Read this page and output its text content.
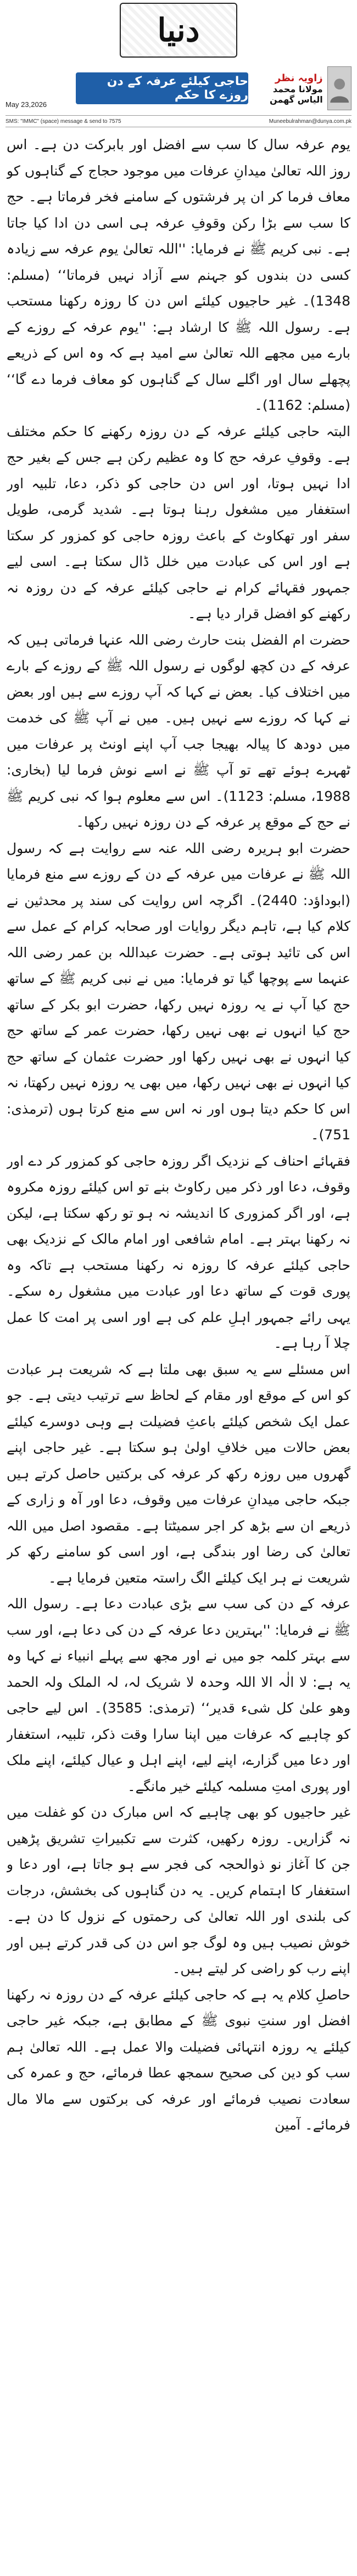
دنیا
May 23,2026
حاجی کیلئے عرفہ کے دن روزے کا حکم
زاویہ نظر
مولانا محمد الیاس گھمن
SMS: "IMMC" (space) message & send to 7575	Muneebulrahman@dunya.com.pk

یوم عرفہ سال کا سب سے افضل اور بابرکت دن ہے۔ اس روز اللہ تعالیٰ میدانِ عرفات میں موجود حجاج کے گناہوں کو معاف فرما کر ان پر فرشتوں کے سامنے فخر فرماتا ہے۔ حج کا سب سے بڑا رکن وقوفِ عرفہ ہی اسی دن ادا کیا جاتا ہے۔ نبی کریم ﷺ نے فرمایا: ''اللہ تعالیٰ یوم عرفہ سے زیادہ کسی دن بندوں کو جہنم سے آزاد نہیں فرماتا‘‘ (مسلم: 1348)۔ غیر حاجیوں کیلئے اس دن کا روزہ رکھنا مستحب ہے۔ رسول اللہ ﷺ کا ارشاد ہے: ''یوم عرفہ کے روزے کے بارے میں مجھے اللہ تعالیٰ سے امید ہے کہ وہ اس کے ذریعے پچھلے سال اور اگلے سال کے گناہوں کو معاف فرما دے گا‘‘ (مسلم: 1162)۔

البتہ حاجی کیلئے عرفہ کے دن روزہ رکھنے کا حکم مختلف ہے۔ وقوفِ عرفہ حج کا وہ عظیم رکن ہے جس کے بغیر حج ادا نہیں ہوتا، اور اس دن حاجی کو ذکر، دعا، تلبیہ اور استغفار میں مشغول رہنا ہوتا ہے۔ شدید گرمی، طویل سفر اور تھکاوٹ کے باعث روزہ حاجی کو کمزور کر سکتا ہے اور اس کی عبادت میں خلل ڈال سکتا ہے۔ اسی لیے جمہور فقہائے کرام نے حاجی کیلئے عرفہ کے دن روزہ نہ رکھنے کو افضل قرار دیا ہے۔

حضرت ام الفضل بنت حارث رضی اللہ عنہا فرماتی ہیں کہ عرفہ کے دن کچھ لوگوں نے رسول اللہ ﷺ کے روزے کے بارے میں اختلاف کیا۔ بعض نے کہا کہ آپ روزے سے ہیں اور بعض نے کہا کہ روزے سے نہیں ہیں۔ میں نے آپ ﷺ کی خدمت میں دودھ کا پیالہ بھیجا جب آپ اپنے اونٹ پر عرفات میں ٹھہرے ہوئے تھے تو آپ ﷺ نے اسے نوش فرما لیا (بخاری: 1988، مسلم: 1123)۔ اس سے معلوم ہوا کہ نبی کریم ﷺ نے حج کے موقع پر عرفہ کے دن روزہ نہیں رکھا۔

حضرت ابو ہریرہ رضی اللہ عنہ سے روایت ہے کہ رسول اللہ ﷺ نے عرفات میں عرفہ کے دن کے روزے سے منع فرمایا (ابوداؤد: 2440)۔ اگرچہ اس روایت کی سند پر محدثین نے کلام کیا ہے، تاہم دیگر روایات اور صحابہ کرام کے عمل سے اس کی تائید ہوتی ہے۔ حضرت عبداللہ بن عمر رضی اللہ عنہما سے پوچھا گیا تو فرمایا: میں نے نبی کریم ﷺ کے ساتھ حج کیا آپ نے یہ روزہ نہیں رکھا، حضرت ابو بکر کے ساتھ حج کیا انہوں نے بھی نہیں رکھا، حضرت عمر کے ساتھ حج کیا انہوں نے بھی نہیں رکھا اور حضرت عثمان کے ساتھ حج کیا انہوں نے بھی نہیں رکھا، میں بھی یہ روزہ نہیں رکھتا، نہ اس کا حکم دیتا ہوں اور نہ اس سے منع کرتا ہوں (ترمذی: 751)۔

فقہائے احناف کے نزدیک اگر روزہ حاجی کو کمزور کر دے اور وقوف، دعا اور ذکر میں رکاوٹ بنے تو اس کیلئے روزہ مکروہ ہے، اور اگر کمزوری کا اندیشہ نہ ہو تو رکھ سکتا ہے، لیکن نہ رکھنا بہتر ہے۔ امام شافعی اور امام مالک کے نزدیک بھی حاجی کیلئے عرفہ کا روزہ نہ رکھنا مستحب ہے تاکہ وہ پوری قوت کے ساتھ دعا اور عبادت میں مشغول رہ سکے۔ یہی رائے جمہور اہلِ علم کی ہے اور اسی پر امت کا عمل چلا آ رہا ہے۔

اس مسئلے سے یہ سبق بھی ملتا ہے کہ شریعت ہر عبادت کو اس کے موقع اور مقام کے لحاظ سے ترتیب دیتی ہے۔ جو عمل ایک شخص کیلئے باعثِ فضیلت ہے وہی دوسرے کیلئے بعض حالات میں خلافِ اولیٰ ہو سکتا ہے۔ غیر حاجی اپنے گھروں میں روزہ رکھ کر عرفہ کی برکتیں حاصل کرتے ہیں جبکہ حاجی میدانِ عرفات میں وقوف، دعا اور آہ و زاری کے ذریعے ان سے بڑھ کر اجر سمیٹتا ہے۔ مقصود اصل میں اللہ تعالیٰ کی رضا اور بندگی ہے، اور اسی کو سامنے رکھ کر شریعت نے ہر ایک کیلئے الگ راستہ متعین فرمایا ہے۔

عرفہ کے دن کی سب سے بڑی عبادت دعا ہے۔ رسول اللہ ﷺ نے فرمایا: ''بہترین دعا عرفہ کے دن کی دعا ہے، اور سب سے بہتر کلمہ جو میں نے اور مجھ سے پہلے انبیاء نے کہا وہ یہ ہے: لا الٰہ الا اللہ وحدہ لا شریک لہ، لہ الملک ولہ الحمد وھو علیٰ کل شیء قدیر‘‘ (ترمذی: 3585)۔ اس لیے حاجی کو چاہیے کہ عرفات میں اپنا سارا وقت ذکر، تلبیہ، استغفار اور دعا میں گزارے، اپنے لیے، اپنے اہل و عیال کیلئے، اپنے ملک اور پوری امتِ مسلمہ کیلئے خیر مانگے۔

غیر حاجیوں کو بھی چاہیے کہ اس مبارک دن کو غفلت میں نہ گزاریں۔ روزہ رکھیں، کثرت سے تکبیراتِ تشریق پڑھیں جن کا آغاز نو ذوالحجہ کی فجر سے ہو جاتا ہے، اور دعا و استغفار کا اہتمام کریں۔ یہ دن گناہوں کی بخشش، درجات کی بلندی اور اللہ تعالیٰ کی رحمتوں کے نزول کا دن ہے۔ خوش نصیب ہیں وہ لوگ جو اس دن کی قدر کرتے ہیں اور اپنے رب کو راضی کر لیتے ہیں۔

حاصلِ کلام یہ ہے کہ حاجی کیلئے عرفہ کے دن روزہ نہ رکھنا افضل اور سنتِ نبوی ﷺ کے مطابق ہے، جبکہ غیر حاجی کیلئے یہ روزہ انتہائی فضیلت والا عمل ہے۔ اللہ تعالیٰ ہم سب کو دین کی صحیح سمجھ عطا فرمائے، حج و عمرہ کی سعادت نصیب فرمائے اور عرفہ کی برکتوں سے مالا مال فرمائے۔ آمین
